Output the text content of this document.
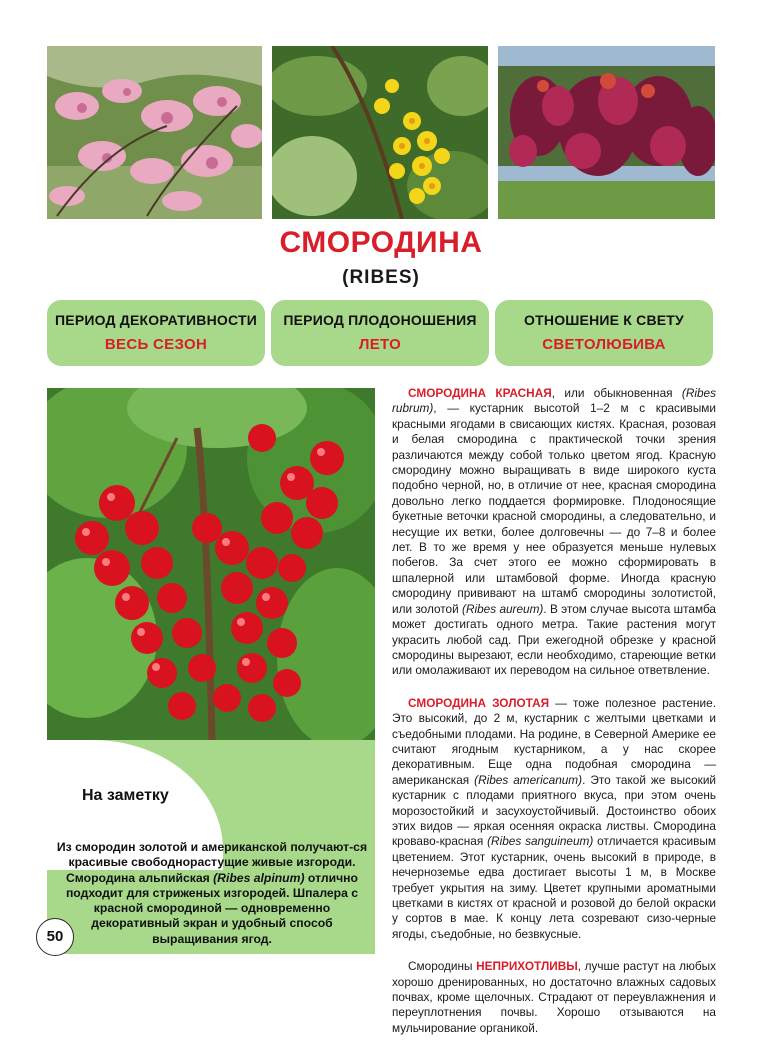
СМОРОДИНА
(RIBES)
ПЕРИОД ДЕКОРАТИВНОСТИ
ВЕСЬ СЕЗОН
ПЕРИОД ПЛОДОНОШЕНИЯ
ЛЕТО
ОТНОШЕНИЕ К СВЕТУ
СВЕТОЛЮБИВА
На заметку
Из смородин золотой и американской получают-ся красивые свободнорастущие живые изгороди. Смородина альпийская (Ribes alpinum) отлично подходит для стриженых изгородей. Шпалера с красной смородиной — одновременно декоративный экран и удобный способ выращивания ягод.
50

СМОРОДИНА КРАСНАЯ, или обыкновенная (Ribes rubrum), — кустарник высотой 1–2 м с красивыми красными ягодами в свисающих кистях. Красная, розовая и белая смородина с практической точки зрения различаются между собой только цветом ягод. Красную смородину можно выращивать в виде широкого куста подобно черной, но, в отличие от нее, красная смородина довольно легко поддается формировке. Плодоносящие букетные веточки красной смородины, а следовательно, и несущие их ветки, более долговечны — до 7–8 и более лет. В то же время у нее образуется меньше нулевых побегов. За счет этого ее можно сформировать в шпалерной или штамбовой форме. Иногда красную смородину прививают на штамб смородины золотистой, или золотой (Ribes aureum). В этом случае высота штамба может достигать одного метра. Такие растения могут украсить любой сад. При ежегодной обрезке у красной смородины вырезают, если необходимо, стареющие ветки или омолаживают их переводом на сильное ответвление.

СМОРОДИНА ЗОЛОТАЯ — тоже полезное растение. Это высокий, до 2 м, кустарник с желтыми цветками и съедобными плодами. На родине, в Северной Америке ее считают ягодным кустарником, а у нас скорее декоративным. Еще одна подобная смородина — американская (Ribes americanum). Это такой же высокий кустарник с плодами приятного вкуса, при этом очень морозостойкий и засухоустойчивый. Достоинство обоих этих видов — яркая осенняя окраска листвы. Смородина кроваво-красная (Ribes sanguineum) отличается красивым цветением. Этот кустарник, очень высокий в природе, в нечерноземье едва достигает высоты 1 м, в Москве требует укрытия на зиму. Цветет крупными ароматными цветками в кистях от красной и розовой до белой окраски у сортов в мае. К концу лета созревают сизо-черные ягоды, съедобные, но безвкусные.

Смородины НЕПРИХОТЛИВЫ, лучше растут на любых хорошо дренированных, но достаточно влажных садовых почвах, кроме щелочных. Страдают от переувлажнения и переуплотнения почвы. Хорошо отзываются на мульчирование органикой.
